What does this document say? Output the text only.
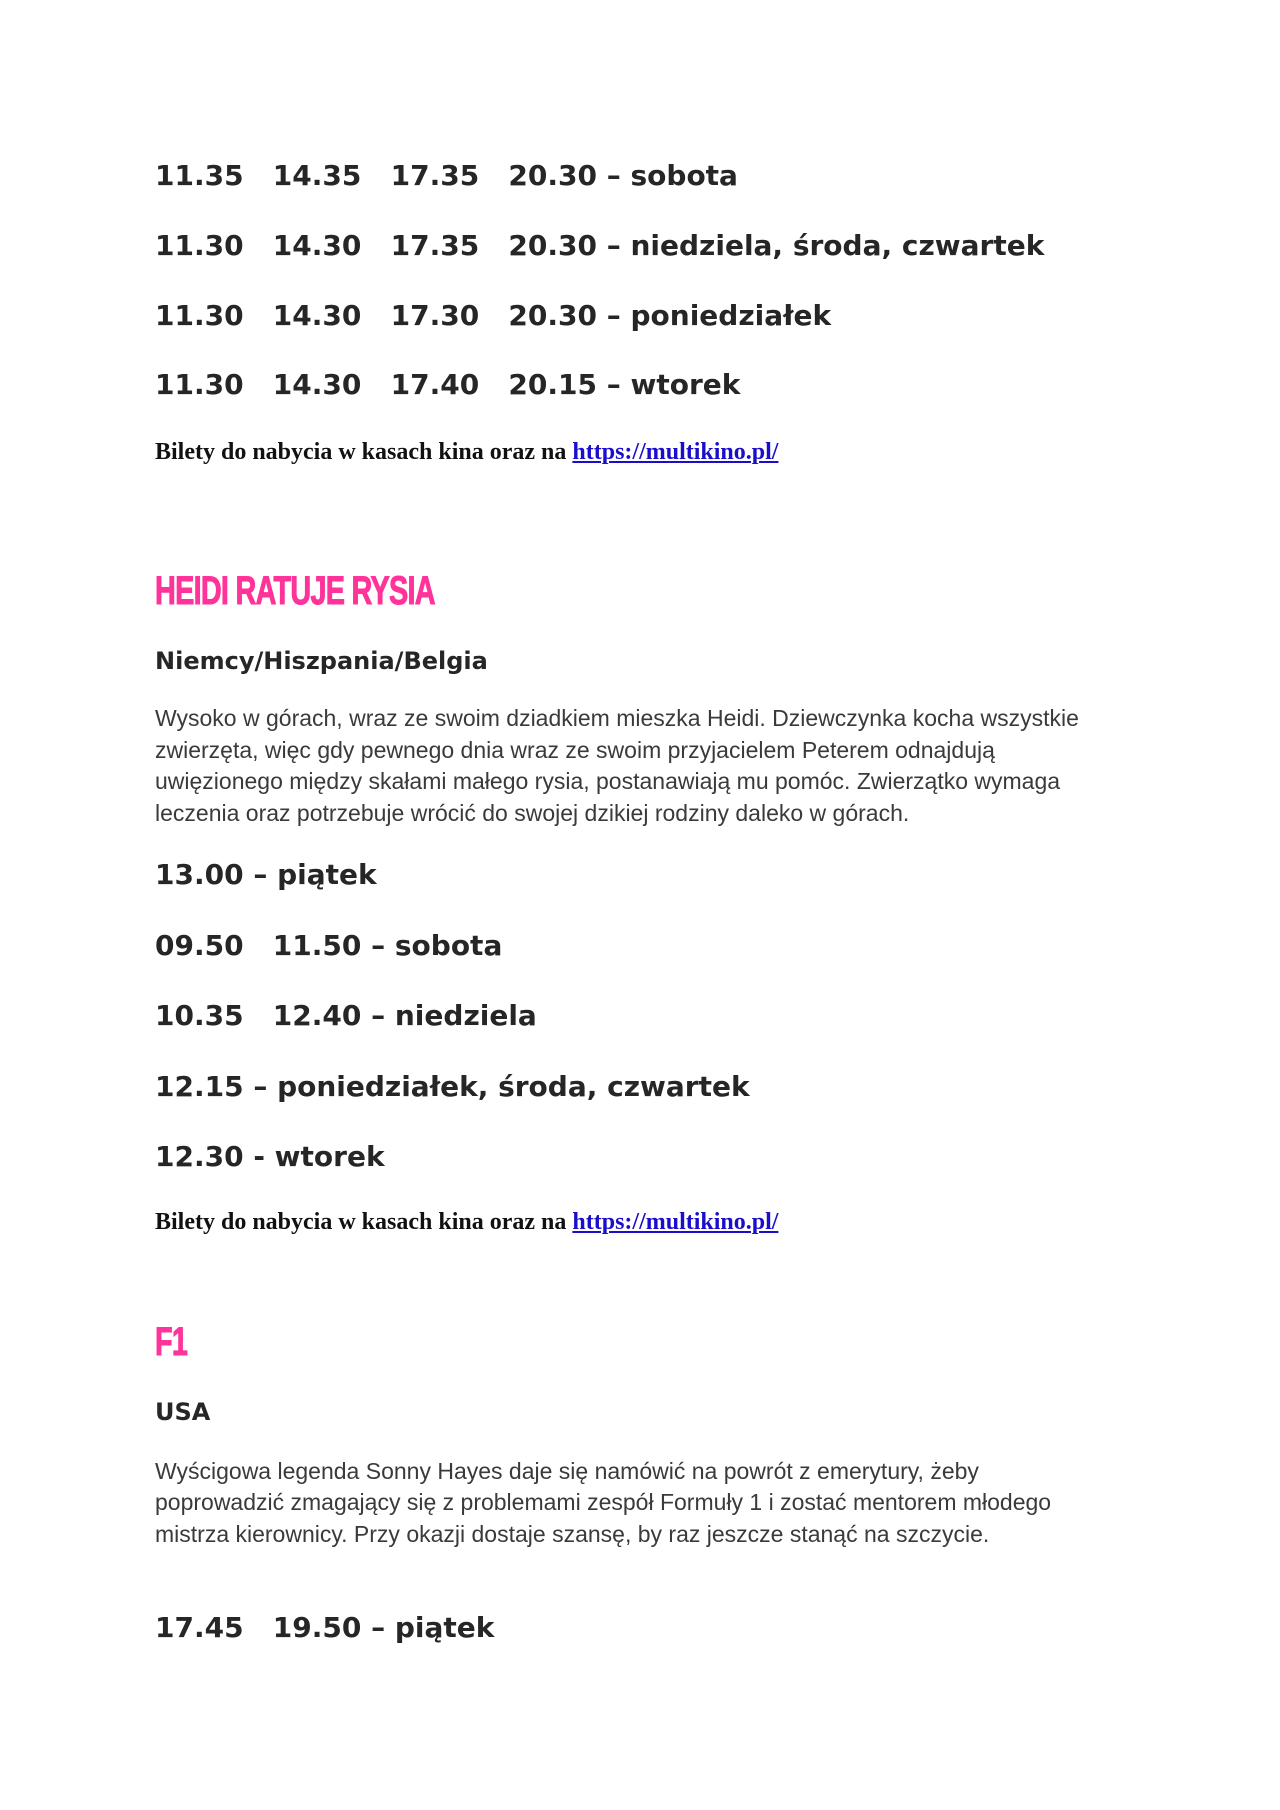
11.35   14.35   17.35   20.30 – sobota
11.30   14.30   17.35   20.30 – niedziela, środa, czwartek
11.30   14.30   17.30   20.30 – poniedziałek
11.30   14.30   17.40   20.15 – wtorek
Bilety do nabycia w kasach kina oraz na https://multikino.pl/
HEIDI RATUJE RYSIA
Niemcy/Hiszpania/Belgia
Wysoko w górach, wraz ze swoim dziadkiem mieszka Heidi. Dziewczynka kocha wszystkie
zwierzęta, więc gdy pewnego dnia wraz ze swoim przyjacielem Peterem odnajdują
uwięzionego między skałami małego rysia, postanawiają mu pomóc. Zwierzątko wymaga
leczenia oraz potrzebuje wrócić do swojej dzikiej rodziny daleko w górach.
13.00 – piątek
09.50   11.50 – sobota
10.35   12.40 – niedziela
12.15 – poniedziałek, środa, czwartek
12.30 - wtorek
Bilety do nabycia w kasach kina oraz na https://multikino.pl/
F1
USA
Wyścigowa legenda Sonny Hayes daje się namówić na powrót z emerytury, żeby
poprowadzić zmagający się z problemami zespół Formuły 1 i zostać mentorem młodego
mistrza kierownicy. Przy okazji dostaje szansę, by raz jeszcze stanąć na szczycie.
17.45   19.50 – piątek
